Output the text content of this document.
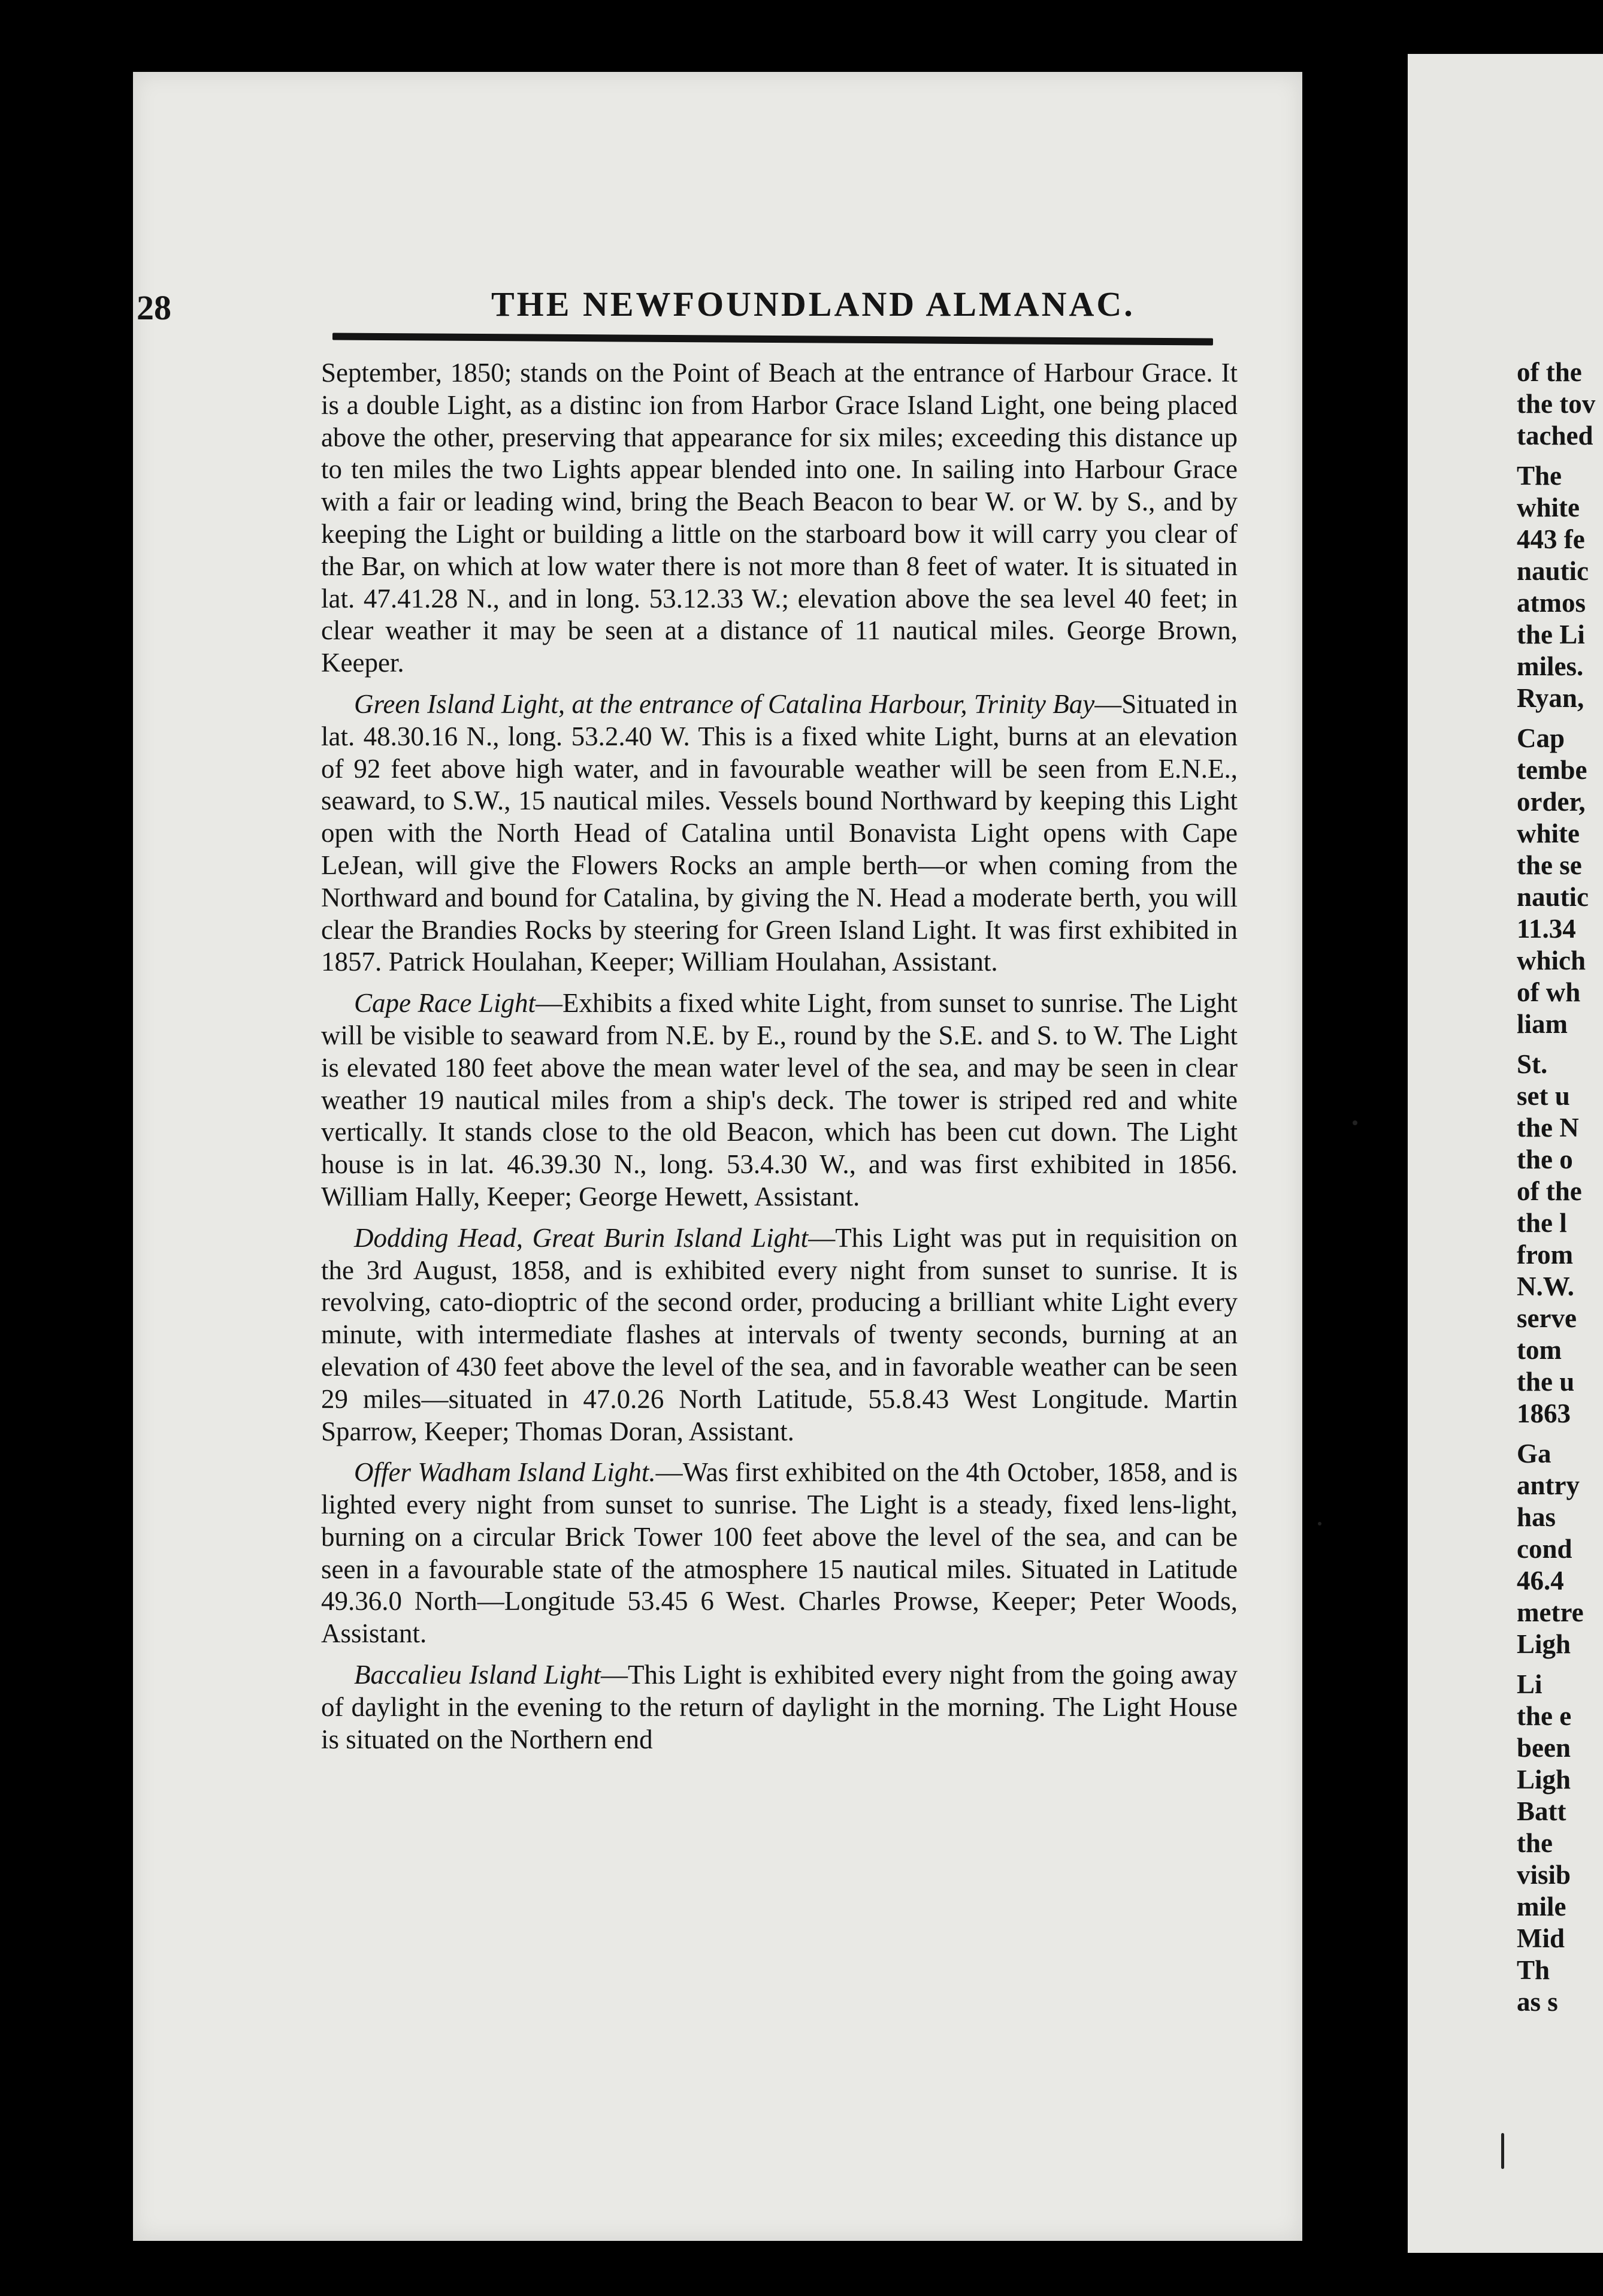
28	THE NEWFOUNDLAND ALMANAC.

September, 1850; stands on the Point of Beach at the entrance of Harbour Grace. It is a double Light, as a distinc ion from Harbor Grace Island Light, one being placed above the other, preserving that appearance for six miles; exceeding this distance up to ten miles the two Lights appear blended into one. In sailing into Harbour Grace with a fair or leading wind, bring the Beach Beacon to bear W. or W. by S., and by keeping the Light or building a little on the starboard bow it will carry you clear of the Bar, on which at low water there is not more than 8 feet of water. It is situated in lat. 47.41.28 N., and in long. 53.12.33 W.; elevation above the sea level 40 feet; in clear weather it may be seen at a distance of 11 nautical miles. George Brown, Keeper.

Green Island Light, at the entrance of Catalina Harbour, Trinity Bay—Situated in lat. 48.30.16 N., long. 53.2.40 W. This is a fixed white Light, burns at an elevation of 92 feet above high water, and in favourable weather will be seen from E.N.E., seaward, to S.W., 15 nautical miles. Vessels bound Northward by keeping this Light open with the North Head of Catalina until Bonavista Light opens with Cape LeJean, will give the Flowers Rocks an ample berth—or when coming from the Northward and bound for Catalina, by giving the N. Head a moderate berth, you will clear the Brandies Rocks by steering for Green Island Light. It was first exhibited in 1857. Patrick Houlahan, Keeper; William Houlahan, Assistant.

Cape Race Light—Exhibits a fixed white Light, from sunset to sunrise. The Light will be visible to seaward from N.E. by E., round by the S.E. and S. to W. The Light is elevated 180 feet above the mean water level of the sea, and may be seen in clear weather 19 nautical miles from a ship's deck. The tower is striped red and white vertically. It stands close to the old Beacon, which has been cut down. The Light house is in lat. 46.39.30 N., long. 53.4.30 W., and was first exhibited in 1856. William Hally, Keeper; George Hewett, Assistant.

Dodding Head, Great Burin Island Light—This Light was put in requisition on the 3rd August, 1858, and is exhibited every night from sunset to sunrise. It is revolving, cato-dioptric of the second order, producing a brilliant white Light every minute, with intermediate flashes at intervals of twenty seconds, burning at an elevation of 430 feet above the level of the sea, and in favorable weather can be seen 29 miles—situated in 47.0.26 North Latitude, 55.8.43 West Longitude. Martin Sparrow, Keeper; Thomas Doran, Assistant.

Offer Wadham Island Light.—Was first exhibited on the 4th October, 1858, and is lighted every night from sunset to sunrise. The Light is a steady, fixed lens-light, burning on a circular Brick Tower 100 feet above the level of the sea, and can be seen in a favourable state of the atmosphere 15 nautical miles. Situated in Latitude 49.36.0 North—Longitude 53.45 6 West. Charles Prowse, Keeper; Peter Woods, Assistant.

Baccalieu Island Light—This Light is exhibited every night from the going away of daylight in the evening to the return of daylight in the morning. The Light House is situated on the Northern end

of the
the tov
tached
The
white
443 fe
nautic
atmos
the Li
miles.
Ryan,
Cap
tembe
order,
white
the se
nautic
11.34
which
of wh
liam
St.
set u
the N
the o
of the
the l
from
N.W.
serve
tom
the u
1863
Ga
antry
has
cond
46.4
metre
Ligh
Li
the e
been
Ligh
Batt
the
visib
mile
Mid
Th
as s
